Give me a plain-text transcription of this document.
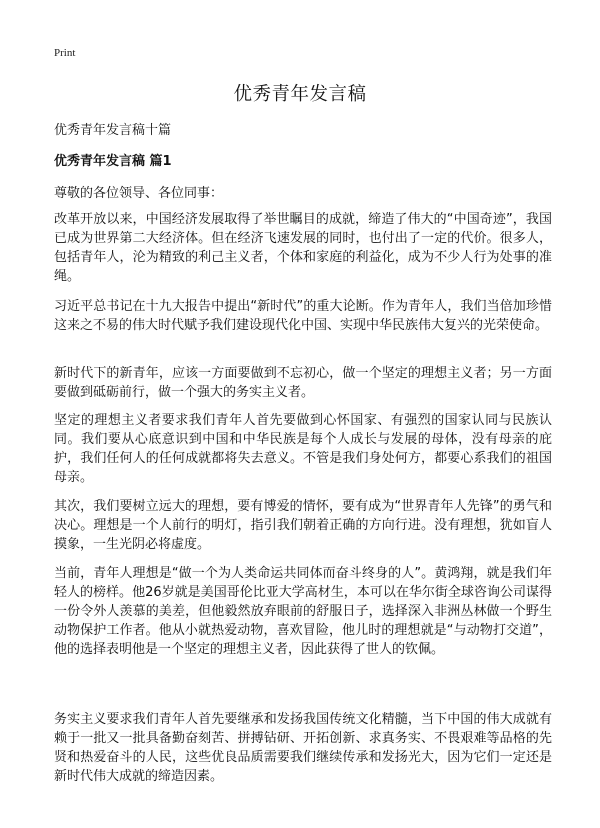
Print
优秀青年发言稿
优秀青年发言稿十篇
优秀青年发言稿 篇1
尊敬的各位领导、各位同事：

改革开放以来，中国经济发展取得了举世瞩目的成就，缔造了伟大的“中国奇迹”，我国已成为世界第二大经济体。但在经济飞速发展的同时，也付出了一定的代价。很多人，包括青年人，沦为精致的利己主义者，个体和家庭的利益化，成为不少人行为处事的准绳。

习近平总书记在十九大报告中提出“新时代”的重大论断。作为青年人，我们当倍加珍惜这来之不易的伟大时代赋予我们建设现代化中国、实现中华民族伟大复兴的光荣使命。

新时代下的新青年，应该一方面要做到不忘初心，做一个坚定的理想主义者；另一方面要做到砥砺前行，做一个强大的务实主义者。

坚定的理想主义者要求我们青年人首先要做到心怀国家、有强烈的国家认同与民族认同。我们要从心底意识到中国和中华民族是每个人成长与发展的母体，没有母亲的庇护，我们任何人的任何成就都将失去意义。不管是我们身处何方，都要心系我们的祖国母亲。

其次，我们要树立远大的理想，要有博爱的情怀，要有成为“世界青年人先锋”的勇气和决心。理想是一个人前行的明灯，指引我们朝着正确的方向行进。没有理想，犹如盲人摸象，一生光阴必将虚度。

当前，青年人理想是“做一个为人类命运共同体而奋斗终身的人”。黄鸿翔，就是我们年轻人的榜样。他26岁就是美国哥伦比亚大学高材生，本可以在华尔街全球咨询公司谋得一份令外人羡慕的美差，但他毅然放弃眼前的舒服日子，选择深入非洲丛林做一个野生动物保护工作者。他从小就热爱动物，喜欢冒险，他儿时的理想就是“与动物打交道”，他的选择表明他是一个坚定的理想主义者，因此获得了世人的钦佩。

务实主义要求我们青年人首先要继承和发扬我国传统文化精髓，当下中国的伟大成就有赖于一批又一批具备勤奋刻苦、拼搏钻研、开拓创新、求真务实、不畏艰难等品格的先贤和热爱奋斗的人民，这些优良品质需要我们继续传承和发扬光大，因为它们一定还是新时代伟大成就的缔造因素。
